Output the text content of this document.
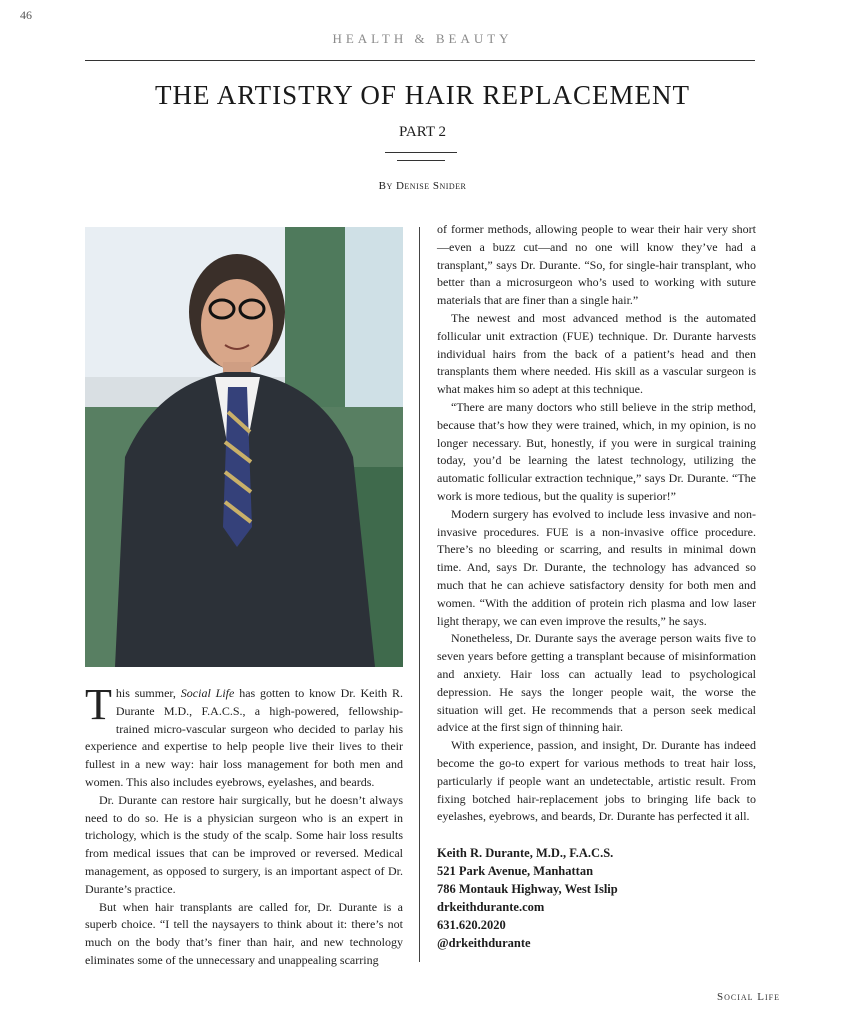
46
HEALTH & BEAUTY
THE ARTISTRY OF HAIR REPLACEMENT
PART 2
By Denise Snider

This summer, Social Life has gotten to know Dr. Keith R. Durante M.D., F.A.C.S., a high-powered, fellowship-trained micro-vascular surgeon who decided to parlay his experience and expertise to help people live their lives to their fullest in a new way: hair loss management for both men and women. This also includes eyebrows, eyelashes, and beards.

Dr. Durante can restore hair surgically, but he doesn’t always need to do so. He is a physician surgeon who is an expert in trichology, which is the study of the scalp. Some hair loss results from medical issues that can be improved or reversed. Medical management, as opposed to surgery, is an important aspect of Dr. Durante’s practice.

But when hair transplants are called for, Dr. Durante is a superb choice. “I tell the naysayers to think about it: there’s not much on the body that’s finer than hair, and new technology eliminates some of the unnecessary and unappealing scarring

of former methods, allowing people to wear their hair very short—even a buzz cut—and no one will know they’ve had a transplant,” says Dr. Durante. “So, for single-hair transplant, who better than a microsurgeon who’s used to working with suture materials that are finer than a single hair.”

The newest and most advanced method is the automated follicular unit extraction (FUE) technique. Dr. Durante harvests individual hairs from the back of a patient’s head and then transplants them where needed. His skill as a vascular surgeon is what makes him so adept at this technique.

“There are many doctors who still believe in the strip method, because that’s how they were trained, which, in my opinion, is no longer necessary. But, honestly, if you were in surgical training today, you’d be learning the latest technology, utilizing the automatic follicular extraction technique,” says Dr. Durante. “The work is more tedious, but the quality is superior!”

Modern surgery has evolved to include less invasive and non-invasive procedures. FUE is a non-invasive office procedure. There’s no bleeding or scarring, and results in minimal down time. And, says Dr. Durante, the technology has advanced so much that he can achieve satisfactory density for both men and women. “With the addition of protein rich plasma and low laser light therapy, we can even improve the results,” he says.

Nonetheless, Dr. Durante says the average person waits five to seven years before getting a transplant because of misinformation and anxiety. Hair loss can actually lead to psychological depression. He says the longer people wait, the worse the situation will get. He recommends that a person seek medical advice at the first sign of thinning hair.

With experience, passion, and insight, Dr. Durante has indeed become the go-to expert for various methods to treat hair loss, particularly if people want an undetectable, artistic result. From fixing botched hair-replacement jobs to bringing life back to eyelashes, eyebrows, and beards, Dr. Durante has perfected it all.

Keith R. Durante, M.D., F.A.C.S.
521 Park Avenue, Manhattan
786 Montauk Highway, West Islip
drkeithdurante.com
631.620.2020
@drkeithdurante
Social Life
